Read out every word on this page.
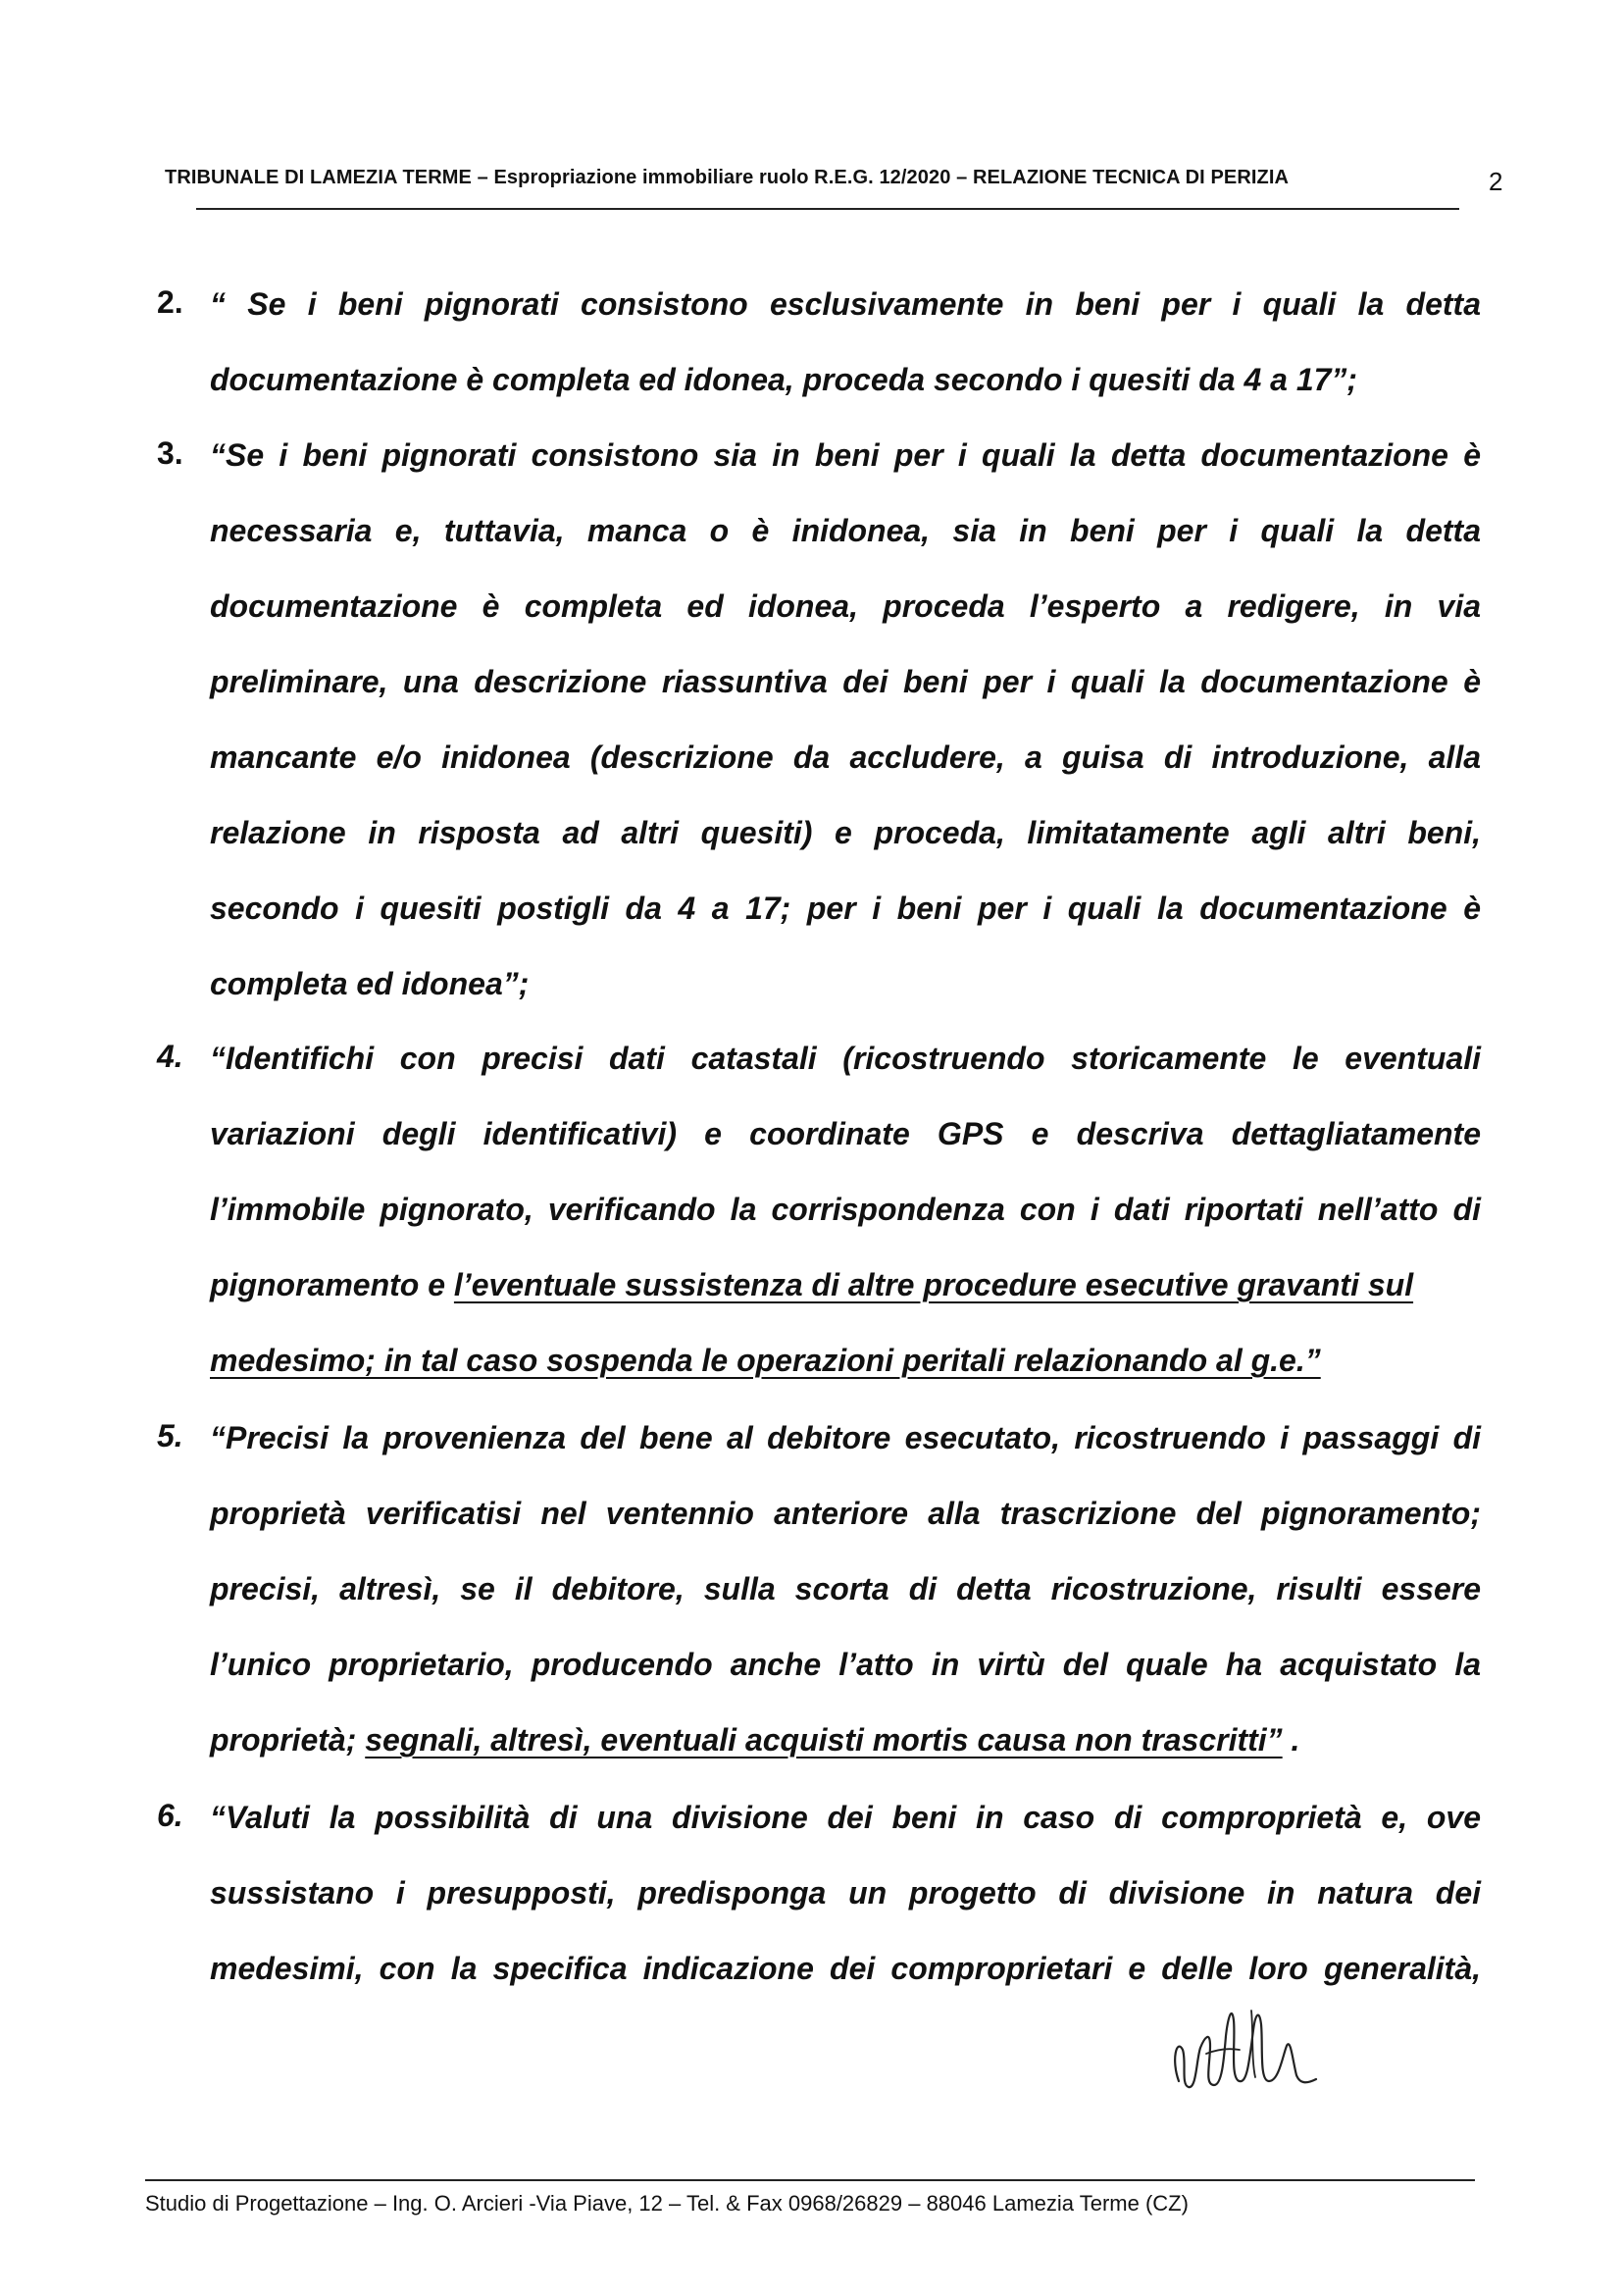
TRIBUNALE DI LAMEZIA TERME – Espropriazione immobiliare ruolo R.E.G. 12/2020 – RELAZIONE TECNICA DI PERIZIA	2
2. “ Se i beni pignorati consistono esclusivamente in beni per i quali la detta
documentazione è completa ed idonea, proceda secondo i quesiti da 4 a 17”;
3. “Se i beni pignorati consistono sia in beni per i quali la detta documentazione è
necessaria e, tuttavia, manca o è inidonea, sia in beni per i quali la detta
documentazione è completa ed idonea, proceda l’esperto a redigere, in via
preliminare, una descrizione riassuntiva dei beni per i quali la documentazione è
mancante e/o inidonea (descrizione da accludere, a guisa di introduzione, alla
relazione in risposta ad altri quesiti) e proceda, limitatamente agli altri beni,
secondo i quesiti postigli da 4 a 17; per i beni per i quali la documentazione è
completa ed idonea”;
4. “Identifichi con precisi dati catastali (ricostruendo storicamente le eventuali
variazioni degli identificativi) e coordinate GPS e descriva dettagliatamente
l’immobile pignorato, verificando la corrispondenza con i dati riportati nell’atto di
pignoramento e l’eventuale sussistenza di altre procedure esecutive gravanti sul
medesimo; in tal caso sospenda le operazioni peritali relazionando al g.e.”
5. “Precisi la provenienza del bene al debitore esecutato, ricostruendo i passaggi di
proprietà verificatisi nel ventennio anteriore alla trascrizione del pignoramento;
precisi, altresì, se il debitore, sulla scorta di detta ricostruzione, risulti essere
l’unico proprietario, producendo anche l’atto in virtù del quale ha acquistato la
proprietà; segnali, altresì, eventuali acquisti mortis causa non trascritti” .
6. “Valuti la possibilità di una divisione dei beni in caso di comproprietà e, ove
sussistano i presupposti, predisponga un progetto di divisione in natura dei
medesimi, con la specifica indicazione dei comproprietari e delle loro generalità,
Studio di Progettazione – Ing. O. Arcieri -Via Piave, 12 – Tel. & Fax 0968/26829 – 88046 Lamezia Terme (CZ)
